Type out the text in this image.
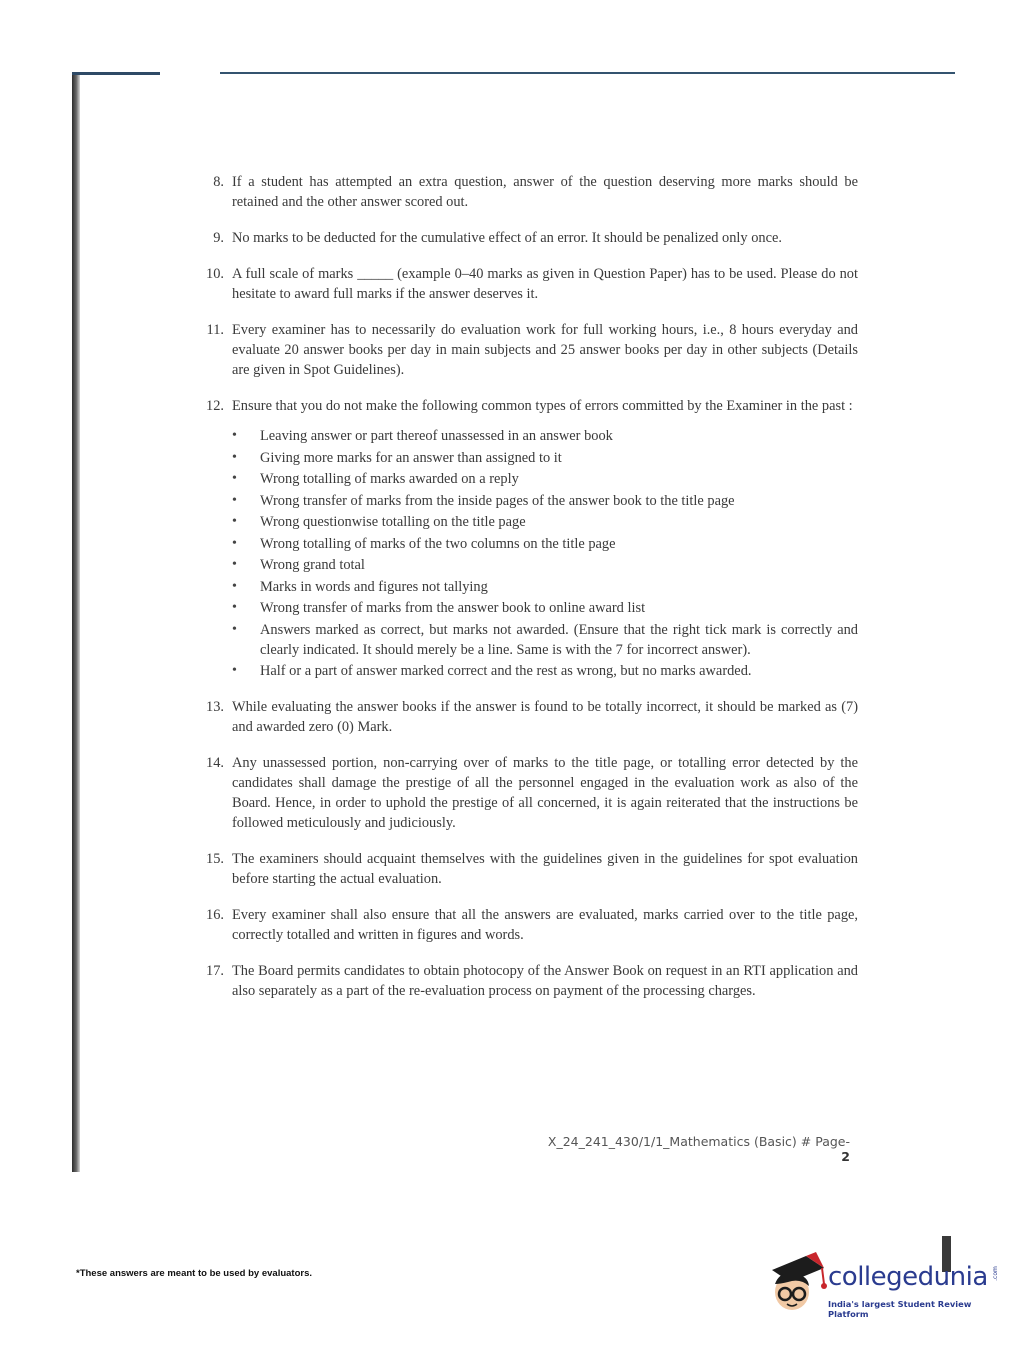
8. If a student has attempted an extra question, answer of the question deserving more marks should be retained and the other answer scored out.
9. No marks to be deducted for the cumulative effect of an error. It should be penalized only once.
10. A full scale of marks _____ (example 0–40 marks as given in Question Paper) has to be used. Please do not hesitate to award full marks if the answer deserves it.
11. Every examiner has to necessarily do evaluation work for full working hours, i.e., 8 hours everyday and evaluate 20 answer books per day in main subjects and 25 answer books per day in other subjects (Details are given in Spot Guidelines).
12. Ensure that you do not make the following common types of errors committed by the Examiner in the past :
• Leaving answer or part thereof unassessed in an answer book
• Giving more marks for an answer than assigned to it
• Wrong totalling of marks awarded on a reply
• Wrong transfer of marks from the inside pages of the answer book to the title page
• Wrong questionwise totalling on the title page
• Wrong totalling of marks of the two columns on the title page
• Wrong grand total
• Marks in words and figures not tallying
• Wrong transfer of marks from the answer book to online award list
• Answers marked as correct, but marks not awarded. (Ensure that the right tick mark is correctly and clearly indicated. It should merely be a line. Same is with the 7 for incorrect answer).
• Half or a part of answer marked correct and the rest as wrong, but no marks awarded.
13. While evaluating the answer books if the answer is found to be totally incorrect, it should be marked as (7) and awarded zero (0) Mark.
14. Any unassessed portion, non-carrying over of marks to the title page, or totalling error detected by the candidates shall damage the prestige of all the personnel engaged in the evaluation work as also of the Board. Hence, in order to uphold the prestige of all concerned, it is again reiterated that the instructions be followed meticulously and judiciously.
15. The examiners should acquaint themselves with the guidelines given in the guidelines for spot evaluation before starting the actual evaluation.
16. Every examiner shall also ensure that all the answers are evaluated, marks carried over to the title page, correctly totalled and written in figures and words.
17. The Board permits candidates to obtain photocopy of the Answer Book on request in an RTI application and also separately as a part of the re-evaluation process on payment of the processing charges.
X_24_241_430/1/1_Mathematics (Basic) # Page-2
*These answers are meant to be used by evaluators.	collegedunia .com
India's largest Student Review Platform
